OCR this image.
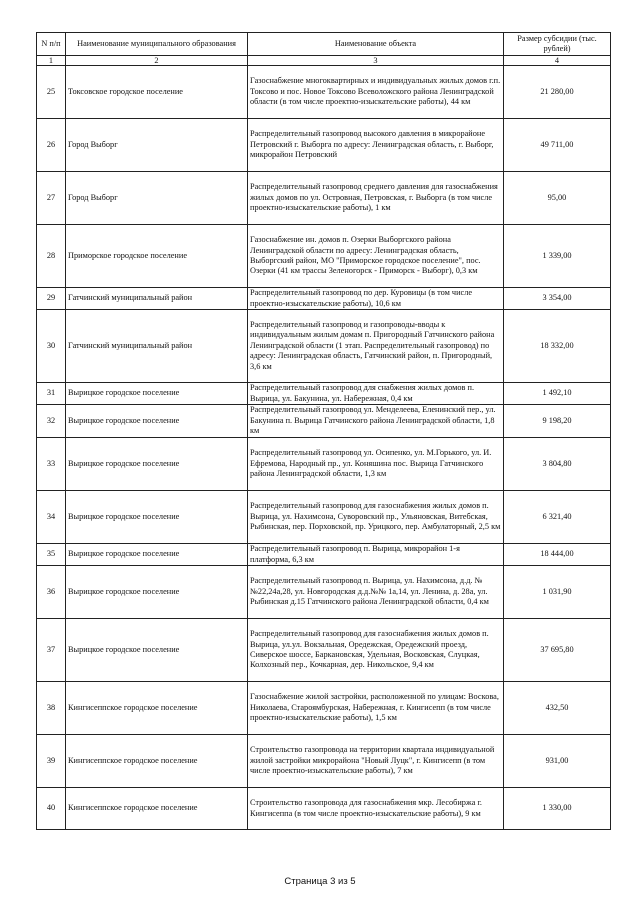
N п/п	Наименование муниципального образования	Наименование объекта	Размер субсидии (тыс. рублей)
1	2	3	4
25	Токсовское городское поселение	Газоснабжение многоквартирных и индивидуальных жилых домов г.п. Токсово и пос. Новое Токсово Всеволожского района Ленинградской области (в том числе проектно-изыскательские работы), 44 км	21 280,00
26	Город Выборг	Распределительный газопровод высокого давления в микрорайоне Петровский г. Выборга по адресу: Ленинградская область, г. Выборг, микрорайон Петровский	49 711,00
27	Город Выборг	Распределительный газопровод среднего давления для газоснабжения жилых домов по ул. Островная, Петровская, г. Выборга (в том числе проектно-изыскательские работы), 1 км	95,00
28	Приморское городское поселение	Газоснабжение ин. домов п. Озерки Выборгского района Ленинградской области по адресу: Ленинградская область, Выборгский район, МО "Приморское городское поселение", пос. Озерки (41 км трассы Зеленогорск - Приморск - Выборг), 0,3 км	1 339,00
29	Гатчинский муниципальный район	Распределительный газопровод по дер. Куровицы (в том числе проектно-изыскательские работы), 10,6 км	3 354,00
30	Гатчинский муниципальный район	Распределительный газопровод и газопроводы-вводы к индивидуальным жилым домам п. Пригородный Гатчинского района Ленинградской области (1 этап. Распределительный газопровод) по адресу: Ленинградская область, Гатчинский район, п. Пригородный, 3,6 км	18 332,00
31	Вырицкое городское поселение	Распределительный газопровод для снабжения жилых домов п. Вырица, ул. Бакунина, ул. Набережная, 0,4 км	1 492,10
32	Вырицкое городское поселение	Распределительный газопровод ул. Менделеева, Еленинский пер., ул. Бакунина п. Вырица Гатчинского района Ленинградской области, 1,8 км	9 198,20
33	Вырицкое городское поселение	Распределительный газопровод ул. Осипенко, ул. М.Горького, ул. И. Ефремова, Народный пр., ул. Коняшина пос. Вырица Гатчинского района Ленинградской области, 1,3 км	3 804,80
34	Вырицкое городское поселение	Распределительный газопровод для газоснабжения жилых домов п. Вырица, ул. Нахимсона, Суворовский пр., Ульяновская, Витебская, Рыбинская, пер. Порховской, пр. Урицкого, пер. Амбулаторный, 2,5 км	6 321,40
35	Вырицкое городское поселение	Распределительный газопровод п. Вырица, микрорайон 1-я платформа, 6,3 км	18 444,00
36	Вырицкое городское поселение	Распределительный газопровод п. Вырица, ул. Нахимсона, д.д. №№22,24а,28, ул. Новгородская д.д.№№ 1а,14, ул. Ленина, д. 28а, ул. Рыбинская д.15 Гатчинского района Ленинградской области, 0,4 км	1 031,90
37	Вырицкое городское поселение	Распределительный газопровод для газоснабжения жилых домов п. Вырица, ул.ул. Вокзальная, Оредежская, Оредежский проезд, Сиверское шоссе, Баркановская, Удельная, Восковская, Слуцкая, Колхозный пер., Кочкарная, дер. Никольское, 9,4 км	37 695,80
38	Кингисеппское городское поселение	Газоснабжение жилой застройки, расположенной по улицам: Воскова, Николаева, Староямбурская, Набережная, г. Кингисепп (в том числе проектно-изыскательские работы), 1,5 км	432,50
39	Кингисеппское городское поселение	Строительство газопровода на территории квартала индивидуальной жилой застройки микрорайона "Новый Луцк", г. Кингисепп (в том числе проектно-изыскательские работы), 7 км	931,00
40	Кингисеппское городское поселение	Строительство газопровода для газоснабжения мкр. Лесобиржа г. Кингисеппа (в том числе проектно-изыскательские работы), 9 км	1 330,00
Страница 3 из 5
